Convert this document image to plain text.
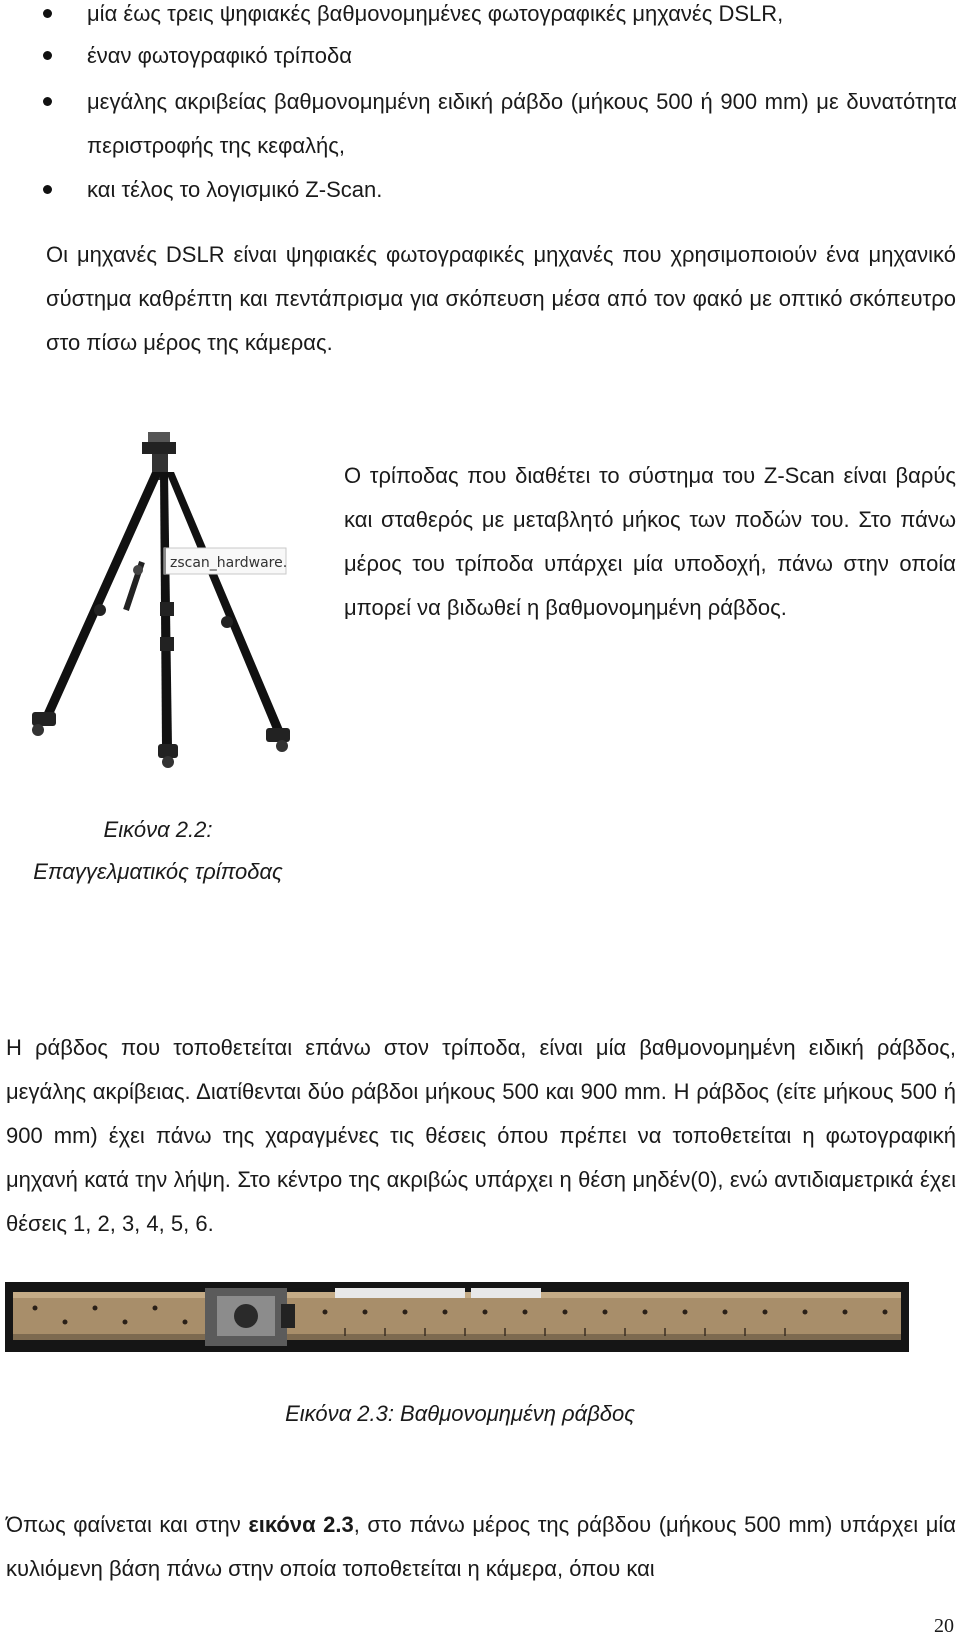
μία έως τρεις ψηφιακές βαθμονομημένες φωτογραφικές μηχανές DSLR,
έναν φωτογραφικό τρίποδα
μεγάλης ακριβείας βαθμονομημένη ειδική ράβδο (μήκους 500 ή 900 mm) με δυνατότητα περιστροφής της κεφαλής,
και τέλος το λογισμικό Z-Scan.

Οι μηχανές DSLR είναι ψηφιακές φωτογραφικές μηχανές που χρησιμοποιούν ένα μηχανικό σύστημα καθρέπτη και πεντάπρισμα για σκόπευση μέσα από τον φακό με οπτικό σκόπευτρο στο πίσω μέρος της κάμερας.

zscan_hardware.

Ο τρίποδας που διαθέτει το σύστημα του Z-Scan είναι βαρύς και σταθερός με μεταβλητό μήκος των ποδών του. Στο πάνω μέρος του τρίποδα υπάρχει μία υποδοχή, πάνω στην οποία μπορεί να βιδωθεί η βαθμονομημένη ράβδος.

Εικόνα 2.2:

Επαγγελματικός τρίποδας

Η ράβδος που τοποθετείται επάνω στον τρίποδα, είναι μία βαθμονομημένη ειδική ράβδος, μεγάλης ακρίβειας. Διατίθενται δύο ράβδοι μήκους 500 και 900 mm. Η ράβδος (είτε μήκους 500 ή 900 mm) έχει πάνω της χαραγμένες τις θέσεις όπου πρέπει να τοποθετείται η φωτογραφική μηχανή κατά την λήψη. Στο κέντρο της ακριβώς υπάρχει η θέση μηδέν(0), ενώ αντιδιαμετρικά έχει θέσεις 1, 2, 3, 4, 5, 6.

Εικόνα 2.3: Βαθμονομημένη ράβδος

Όπως φαίνεται και στην εικόνα 2.3, στο πάνω μέρος της ράβδου (μήκους 500 mm) υπάρχει μία κυλιόμενη βάση πάνω στην οποία τοποθετείται η κάμερα, όπου και

20
